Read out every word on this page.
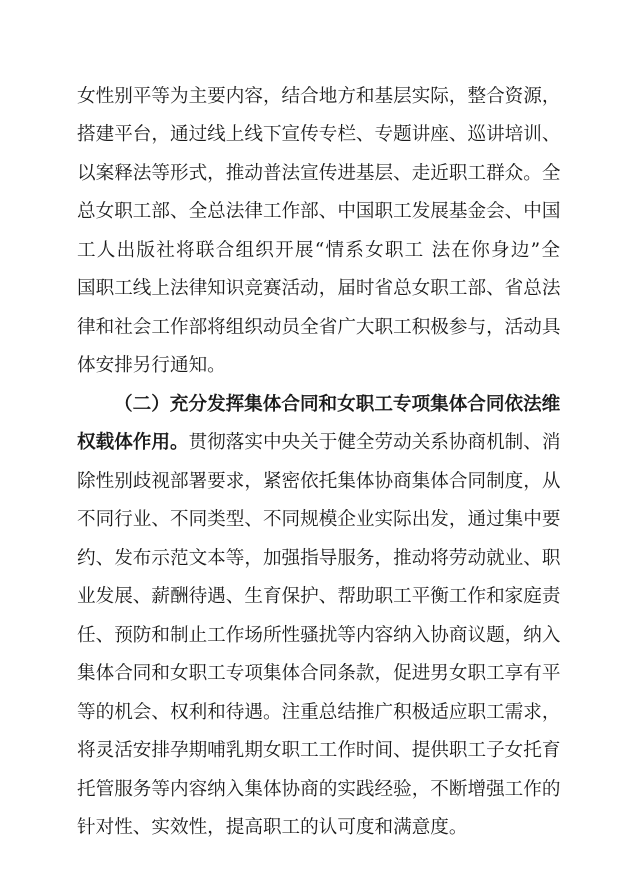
女性别平等为主要内容，结合地方和基层实际，整合资源，
搭建平台，通过线上线下宣传专栏、专题讲座、巡讲培训、
以案释法等形式，推动普法宣传进基层、走近职工群众。全
总女职工部、全总法律工作部、中国职工发展基金会、中国
工人出版社将联合组织开展“情系女职工 法在你身边”全
国职工线上法律知识竞赛活动，届时省总女职工部、省总法
律和社会工作部将组织动员全省广大职工积极参与，活动具
体安排另行通知。
（二）充分发挥集体合同和女职工专项集体合同依法维
权载体作用。贯彻落实中央关于健全劳动关系协商机制、消
除性别歧视部署要求，紧密依托集体协商集体合同制度，从
不同行业、不同类型、不同规模企业实际出发，通过集中要
约、发布示范文本等，加强指导服务，推动将劳动就业、职
业发展、薪酬待遇、生育保护、帮助职工平衡工作和家庭责
任、预防和制止工作场所性骚扰等内容纳入协商议题，纳入
集体合同和女职工专项集体合同条款，促进男女职工享有平
等的机会、权利和待遇。注重总结推广积极适应职工需求，
将灵活安排孕期哺乳期女职工工作时间、提供职工子女托育
托管服务等内容纳入集体协商的实践经验，不断增强工作的
针对性、实效性，提高职工的认可度和满意度。
